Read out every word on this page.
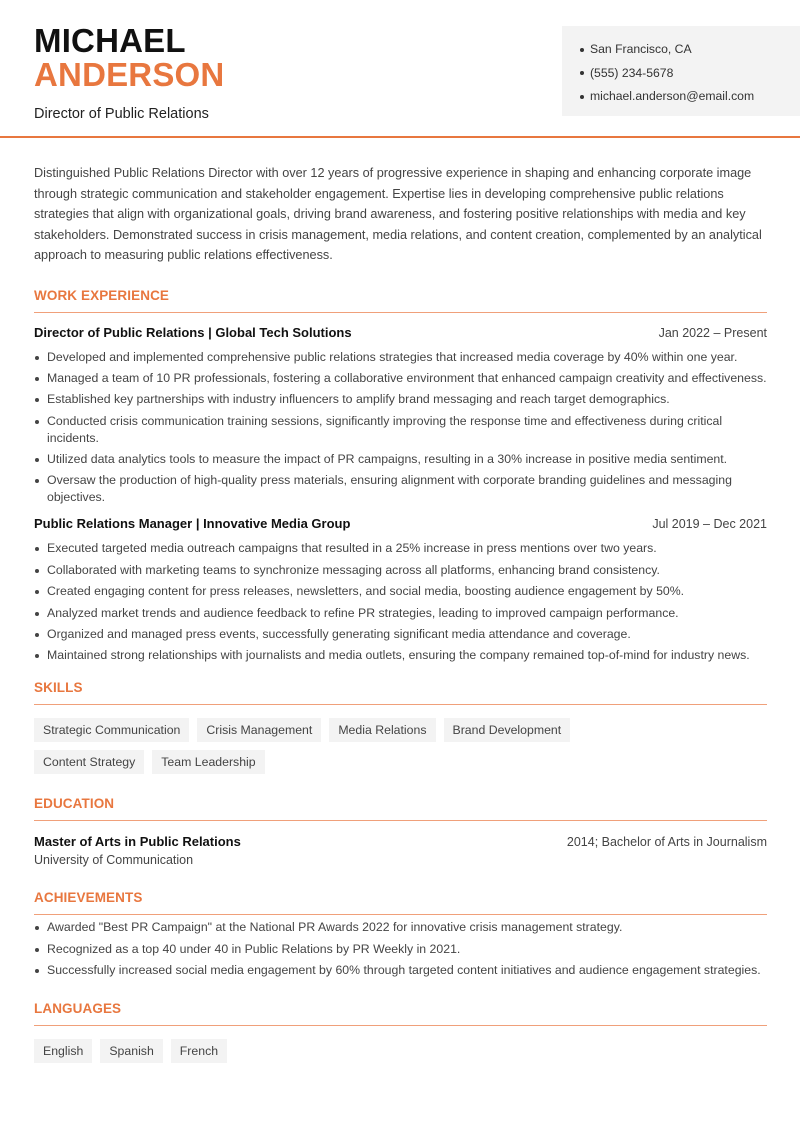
MICHAEL
ANDERSON
Director of Public Relations
San Francisco, CA
(555) 234-5678
michael.anderson@email.com

Distinguished Public Relations Director with over 12 years of progressive experience in shaping and enhancing corporate image through strategic communication and stakeholder engagement. Expertise lies in developing comprehensive public relations strategies that align with organizational goals, driving brand awareness, and fostering positive relationships with media and key stakeholders. Demonstrated success in crisis management, media relations, and content creation, complemented by an analytical approach to measuring public relations effectiveness.

WORK EXPERIENCE
Director of Public Relations | Global Tech Solutions	Jan 2022 – Present
Developed and implemented comprehensive public relations strategies that increased media coverage by 40% within one year.
Managed a team of 10 PR professionals, fostering a collaborative environment that enhanced campaign creativity and effectiveness.
Established key partnerships with industry influencers to amplify brand messaging and reach target demographics.
Conducted crisis communication training sessions, significantly improving the response time and effectiveness during critical incidents.
Utilized data analytics tools to measure the impact of PR campaigns, resulting in a 30% increase in positive media sentiment.
Oversaw the production of high-quality press materials, ensuring alignment with corporate branding guidelines and messaging objectives.
Public Relations Manager | Innovative Media Group	Jul 2019 – Dec 2021
Executed targeted media outreach campaigns that resulted in a 25% increase in press mentions over two years.
Collaborated with marketing teams to synchronize messaging across all platforms, enhancing brand consistency.
Created engaging content for press releases, newsletters, and social media, boosting audience engagement by 50%.
Analyzed market trends and audience feedback to refine PR strategies, leading to improved campaign performance.
Organized and managed press events, successfully generating significant media attendance and coverage.
Maintained strong relationships with journalists and media outlets, ensuring the company remained top-of-mind for industry news.
SKILLS
Strategic Communication	Crisis Management	Media Relations	Brand Development
Content Strategy	Team Leadership
EDUCATION
Master of Arts in Public Relations	2014; Bachelor of Arts in Journalism
University of Communication
ACHIEVEMENTS
Awarded "Best PR Campaign" at the National PR Awards 2022 for innovative crisis management strategy.
Recognized as a top 40 under 40 in Public Relations by PR Weekly in 2021.
Successfully increased social media engagement by 60% through targeted content initiatives and audience engagement strategies.
LANGUAGES
English	Spanish	French
